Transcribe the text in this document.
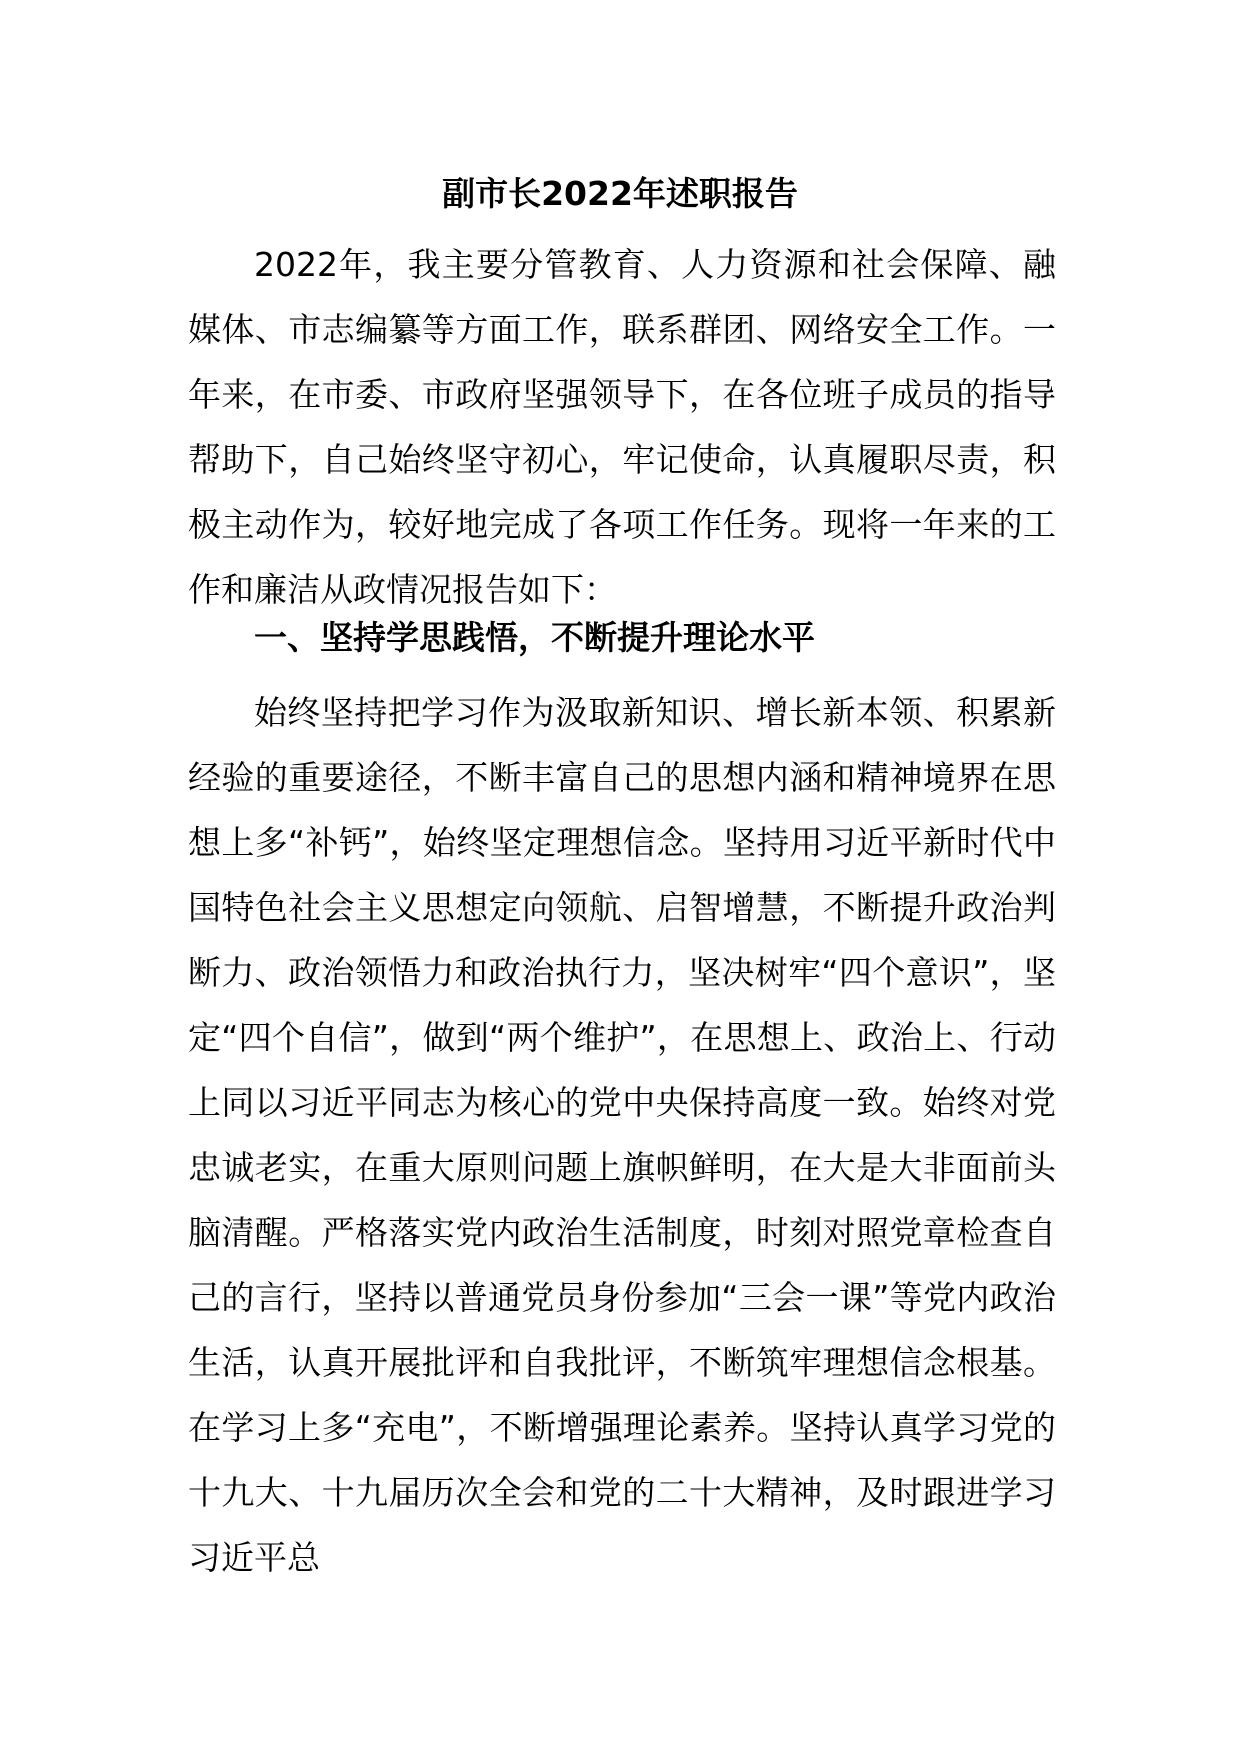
副市长2022年述职报告

2022年，我主要分管教育、人力资源和社会保障、融媒体、市志编纂等方面工作，联系群团、网络安全工作。一年来，在市委、市政府坚强领导下，在各位班子成员的指导帮助下，自己始终坚守初心，牢记使命，认真履职尽责，积极主动作为，较好地完成了各项工作任务。现将一年来的工作和廉洁从政情况报告如下：

一、坚持学思践悟，不断提升理论水平

始终坚持把学习作为汲取新知识、增长新本领、积累新经验的重要途径，不断丰富自己的思想内涵和精神境界在思想上多“补钙”，始终坚定理想信念。坚持用习近平新时代中国特色社会主义思想定向领航、启智增慧，不断提升政治判断力、政治领悟力和政治执行力，坚决树牢“四个意识”，坚定“四个自信”，做到“两个维护”，在思想上、政治上、行动上同以习近平同志为核心的党中央保持高度一致。始终对党忠诚老实，在重大原则问题上旗帜鲜明，在大是大非面前头脑清醒。严格落实党内政治生活制度，时刻对照党章检查自己的言行，坚持以普通党员身份参加“三会一课”等党内政治生活，认真开展批评和自我批评，不断筑牢理想信念根基。在学习上多“充电”，不断增强理论素养。坚持认真学习党的十九大、十九届历次全会和党的二十大精神，及时跟进学习习近平总
